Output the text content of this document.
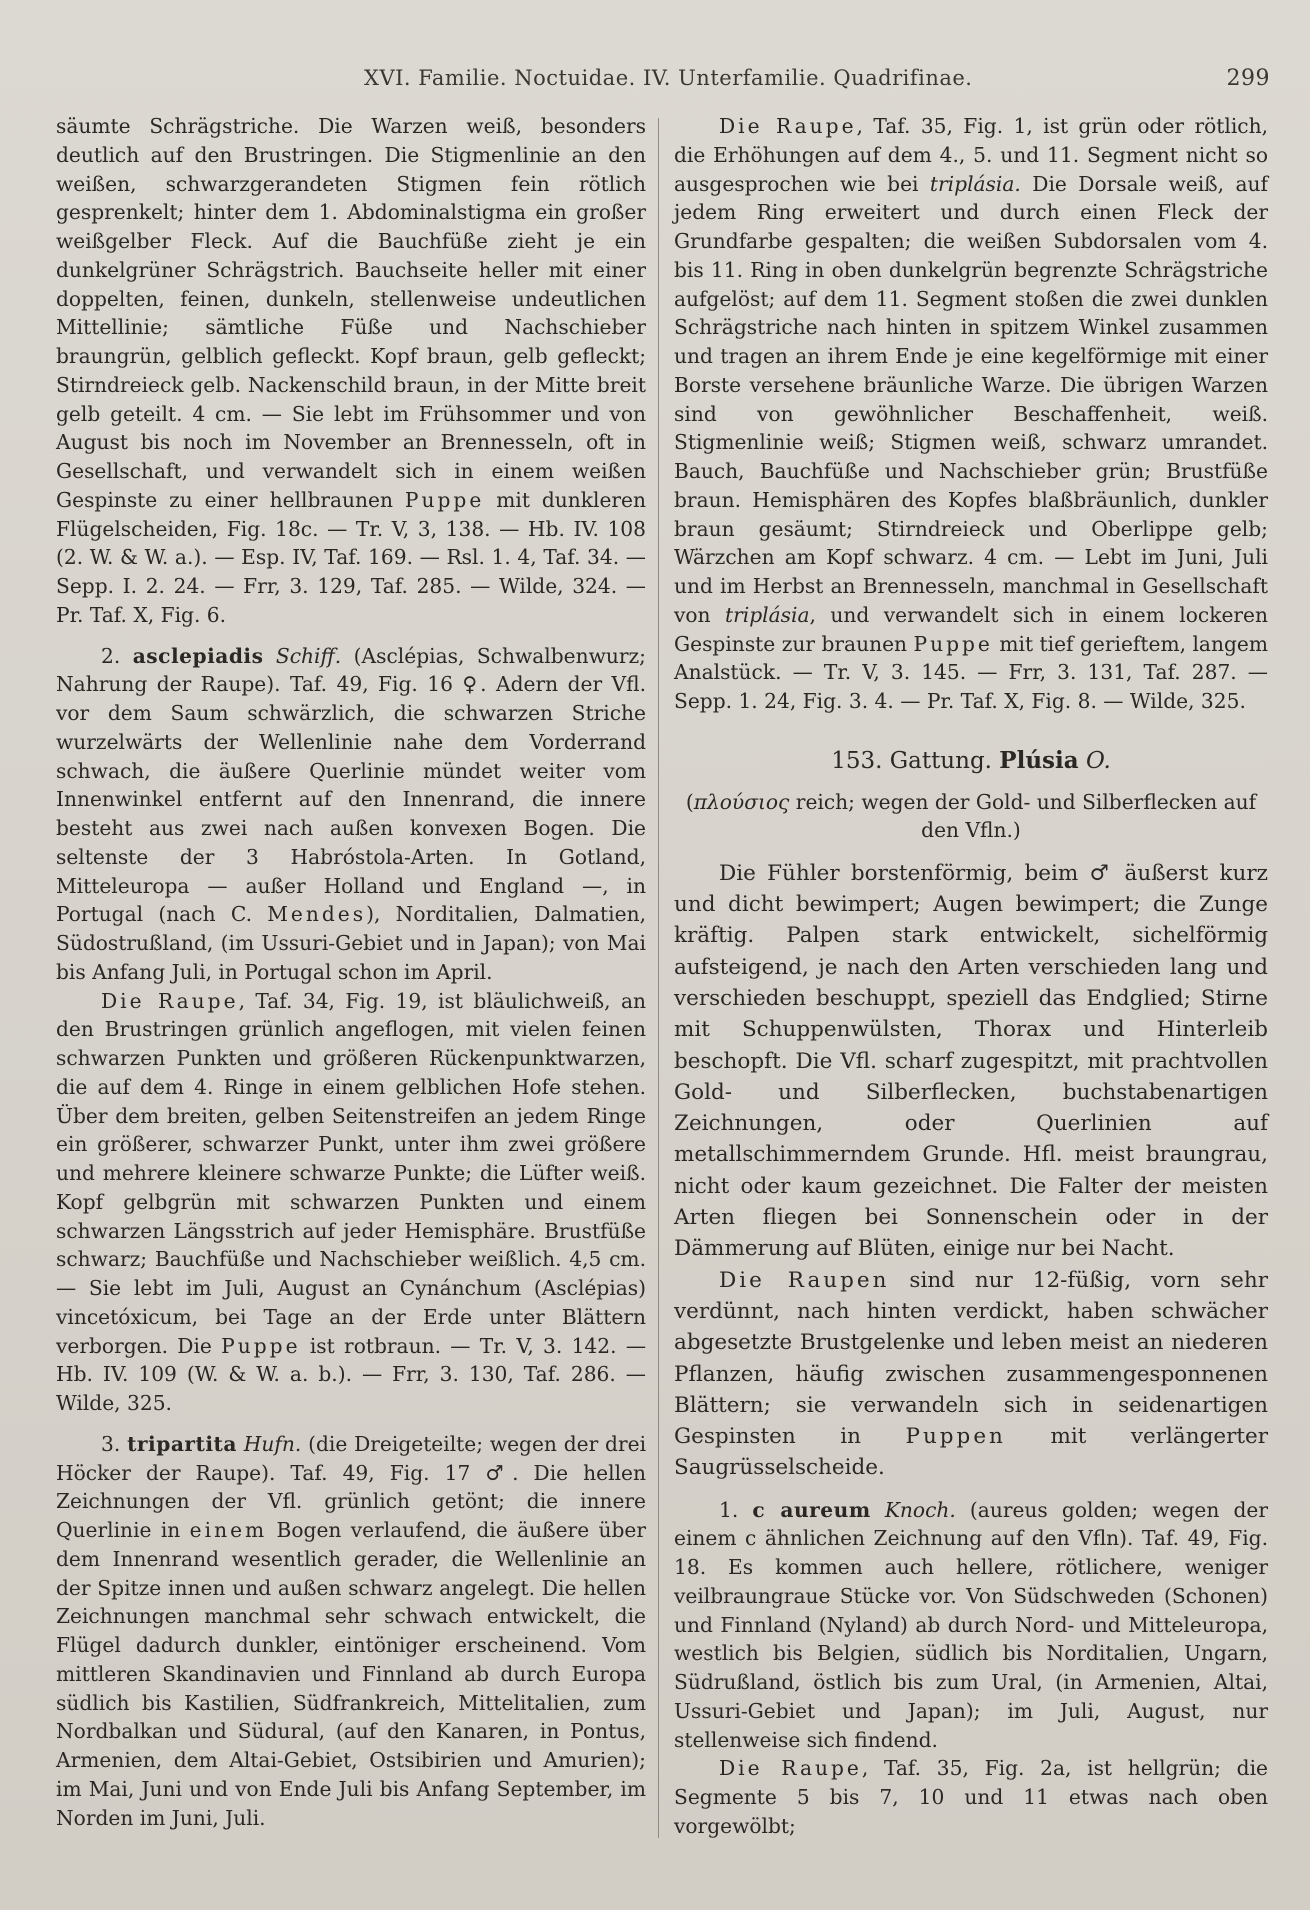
XVI. Familie. Noctuidae. IV. Unterfamilie. Quadrifinae.	299

säumte Schrägstriche. Die Warzen weiß, besonders deutlich auf den Brustringen. Die Stigmenlinie an den weißen, schwarzgerandeten Stigmen fein rötlich gesprenkelt; hinter dem 1. Abdominalstigma ein großer weißgelber Fleck. Auf die Bauchfüße zieht je ein dunkelgrüner Schrägstrich. Bauchseite heller mit einer doppelten, feinen, dunkeln, stellenweise undeutlichen Mittellinie; sämtliche Füße und Nachschieber braungrün, gelblich gefleckt. Kopf braun, gelb gefleckt; Stirndreieck gelb. Nackenschild braun, in der Mitte breit gelb geteilt. 4 cm. — Sie lebt im Frühsommer und von August bis noch im November an Brennesseln, oft in Gesellschaft, und verwandelt sich in einem weißen Gespinste zu einer hellbraunen Puppe mit dunkleren Flügelscheiden, Fig. 18c. — Tr. V, 3, 138. — Hb. IV. 108 (2. W. & W. a.). — Esp. IV, Taf. 169. — Rsl. 1. 4, Taf. 34. — Sepp. I. 2. 24. — Frr, 3. 129, Taf. 285. — Wilde, 324. — Pr. Taf. X, Fig. 6.

2. asclepiadis Schiff. (Asclépias, Schwalbenwurz; Nahrung der Raupe). Taf. 49, Fig. 16 ♀. Adern der Vfl. vor dem Saum schwärzlich, die schwarzen Striche wurzelwärts der Wellenlinie nahe dem Vorderrand schwach, die äußere Querlinie mündet weiter vom Innenwinkel entfernt auf den Innenrand, die innere besteht aus zwei nach außen konvexen Bogen. Die seltenste der 3 Habróstola-Arten. In Gotland, Mitteleuropa — außer Holland und England —, in Portugal (nach C. Mendes), Norditalien, Dalmatien, Südostrußland, (im Ussuri-Gebiet und in Japan); von Mai bis Anfang Juli, in Portugal schon im April.

Die Raupe, Taf. 34, Fig. 19, ist bläulichweiß, an den Brustringen grünlich angeflogen, mit vielen feinen schwarzen Punkten und größeren Rückenpunktwarzen, die auf dem 4. Ringe in einem gelblichen Hofe stehen. Über dem breiten, gelben Seitenstreifen an jedem Ringe ein größerer, schwarzer Punkt, unter ihm zwei größere und mehrere kleinere schwarze Punkte; die Lüfter weiß. Kopf gelbgrün mit schwarzen Punkten und einem schwarzen Längsstrich auf jeder Hemisphäre. Brustfüße schwarz; Bauchfüße und Nachschieber weißlich. 4,5 cm. — Sie lebt im Juli, August an Cynánchum (Asclépias) vincetóxicum, bei Tage an der Erde unter Blättern verborgen. Die Puppe ist rotbraun. — Tr. V, 3. 142. — Hb. IV. 109 (W. & W. a. b.). — Frr, 3. 130, Taf. 286. — Wilde, 325.

3. tripartita Hufn. (die Dreigeteilte; wegen der drei Höcker der Raupe). Taf. 49, Fig. 17 ♂. Die hellen Zeichnungen der Vfl. grünlich getönt; die innere Querlinie in einem Bogen verlaufend, die äußere über dem Innenrand wesentlich gerader, die Wellenlinie an der Spitze innen und außen schwarz angelegt. Die hellen Zeichnungen manchmal sehr schwach entwickelt, die Flügel dadurch dunkler, eintöniger erscheinend. Vom mittleren Skandinavien und Finnland ab durch Europa südlich bis Kastilien, Südfrankreich, Mittelitalien, zum Nordbalkan und Südural, (auf den Kanaren, in Pontus, Armenien, dem Altai-Gebiet, Ostsibirien und Amurien); im Mai, Juni und von Ende Juli bis Anfang September, im Norden im Juni, Juli.

Die Raupe, Taf. 35, Fig. 1, ist grün oder rötlich, die Erhöhungen auf dem 4., 5. und 11. Segment nicht so ausgesprochen wie bei triplásia. Die Dorsale weiß, auf jedem Ring erweitert und durch einen Fleck der Grundfarbe gespalten; die weißen Subdorsalen vom 4. bis 11. Ring in oben dunkelgrün begrenzte Schrägstriche aufgelöst; auf dem 11. Segment stoßen die zwei dunklen Schrägstriche nach hinten in spitzem Winkel zusammen und tragen an ihrem Ende je eine kegelförmige mit einer Borste versehene bräunliche Warze. Die übrigen Warzen sind von gewöhnlicher Beschaffenheit, weiß. Stigmenlinie weiß; Stigmen weiß, schwarz umrandet. Bauch, Bauchfüße und Nachschieber grün; Brustfüße braun. Hemisphären des Kopfes blaßbräunlich, dunkler braun gesäumt; Stirndreieck und Oberlippe gelb; Wärzchen am Kopf schwarz. 4 cm. — Lebt im Juni, Juli und im Herbst an Brennesseln, manchmal in Gesellschaft von triplásia, und verwandelt sich in einem lockeren Gespinste zur braunen Puppe mit tief gerieftem, langem Analstück. — Tr. V, 3. 145. — Frr, 3. 131, Taf. 287. — Sepp. 1. 24, Fig. 3. 4. — Pr. Taf. X, Fig. 8. — Wilde, 325.

153. Gattung. Plúsia O.

(πλούσιος reich; wegen der Gold- und Silberflecken auf den Vfln.)

Die Fühler borstenförmig, beim ♂ äußerst kurz und dicht bewimpert; Augen bewimpert; die Zunge kräftig. Palpen stark entwickelt, sichelförmig aufsteigend, je nach den Arten verschieden lang und verschieden beschuppt, speziell das Endglied; Stirne mit Schuppenwülsten, Thorax und Hinterleib beschopft. Die Vfl. scharf zugespitzt, mit prachtvollen Gold- und Silberflecken, buchstabenartigen Zeichnungen, oder Querlinien auf metallschimmerndem Grunde. Hfl. meist braungrau, nicht oder kaum gezeichnet. Die Falter der meisten Arten fliegen bei Sonnenschein oder in der Dämmerung auf Blüten, einige nur bei Nacht.

Die Raupen sind nur 12-füßig, vorn sehr verdünnt, nach hinten verdickt, haben schwächer abgesetzte Brustgelenke und leben meist an niederen Pflanzen, häufig zwischen zusammengesponnenen Blättern; sie verwandeln sich in seidenartigen Gespinsten in Puppen mit verlängerter Saugrüsselscheide.

1. c aureum Knoch. (aureus golden; wegen der einem c ähnlichen Zeichnung auf den Vfln). Taf. 49, Fig. 18. Es kommen auch hellere, rötlichere, weniger veilbraungraue Stücke vor. Von Südschweden (Schonen) und Finnland (Nyland) ab durch Nord- und Mitteleuropa, westlich bis Belgien, südlich bis Norditalien, Ungarn, Südrußland, östlich bis zum Ural, (in Armenien, Altai, Ussuri-Gebiet und Japan); im Juli, August, nur stellenweise sich findend.

Die Raupe, Taf. 35, Fig. 2a, ist hellgrün; die Segmente 5 bis 7, 10 und 11 etwas nach oben vorgewölbt;
